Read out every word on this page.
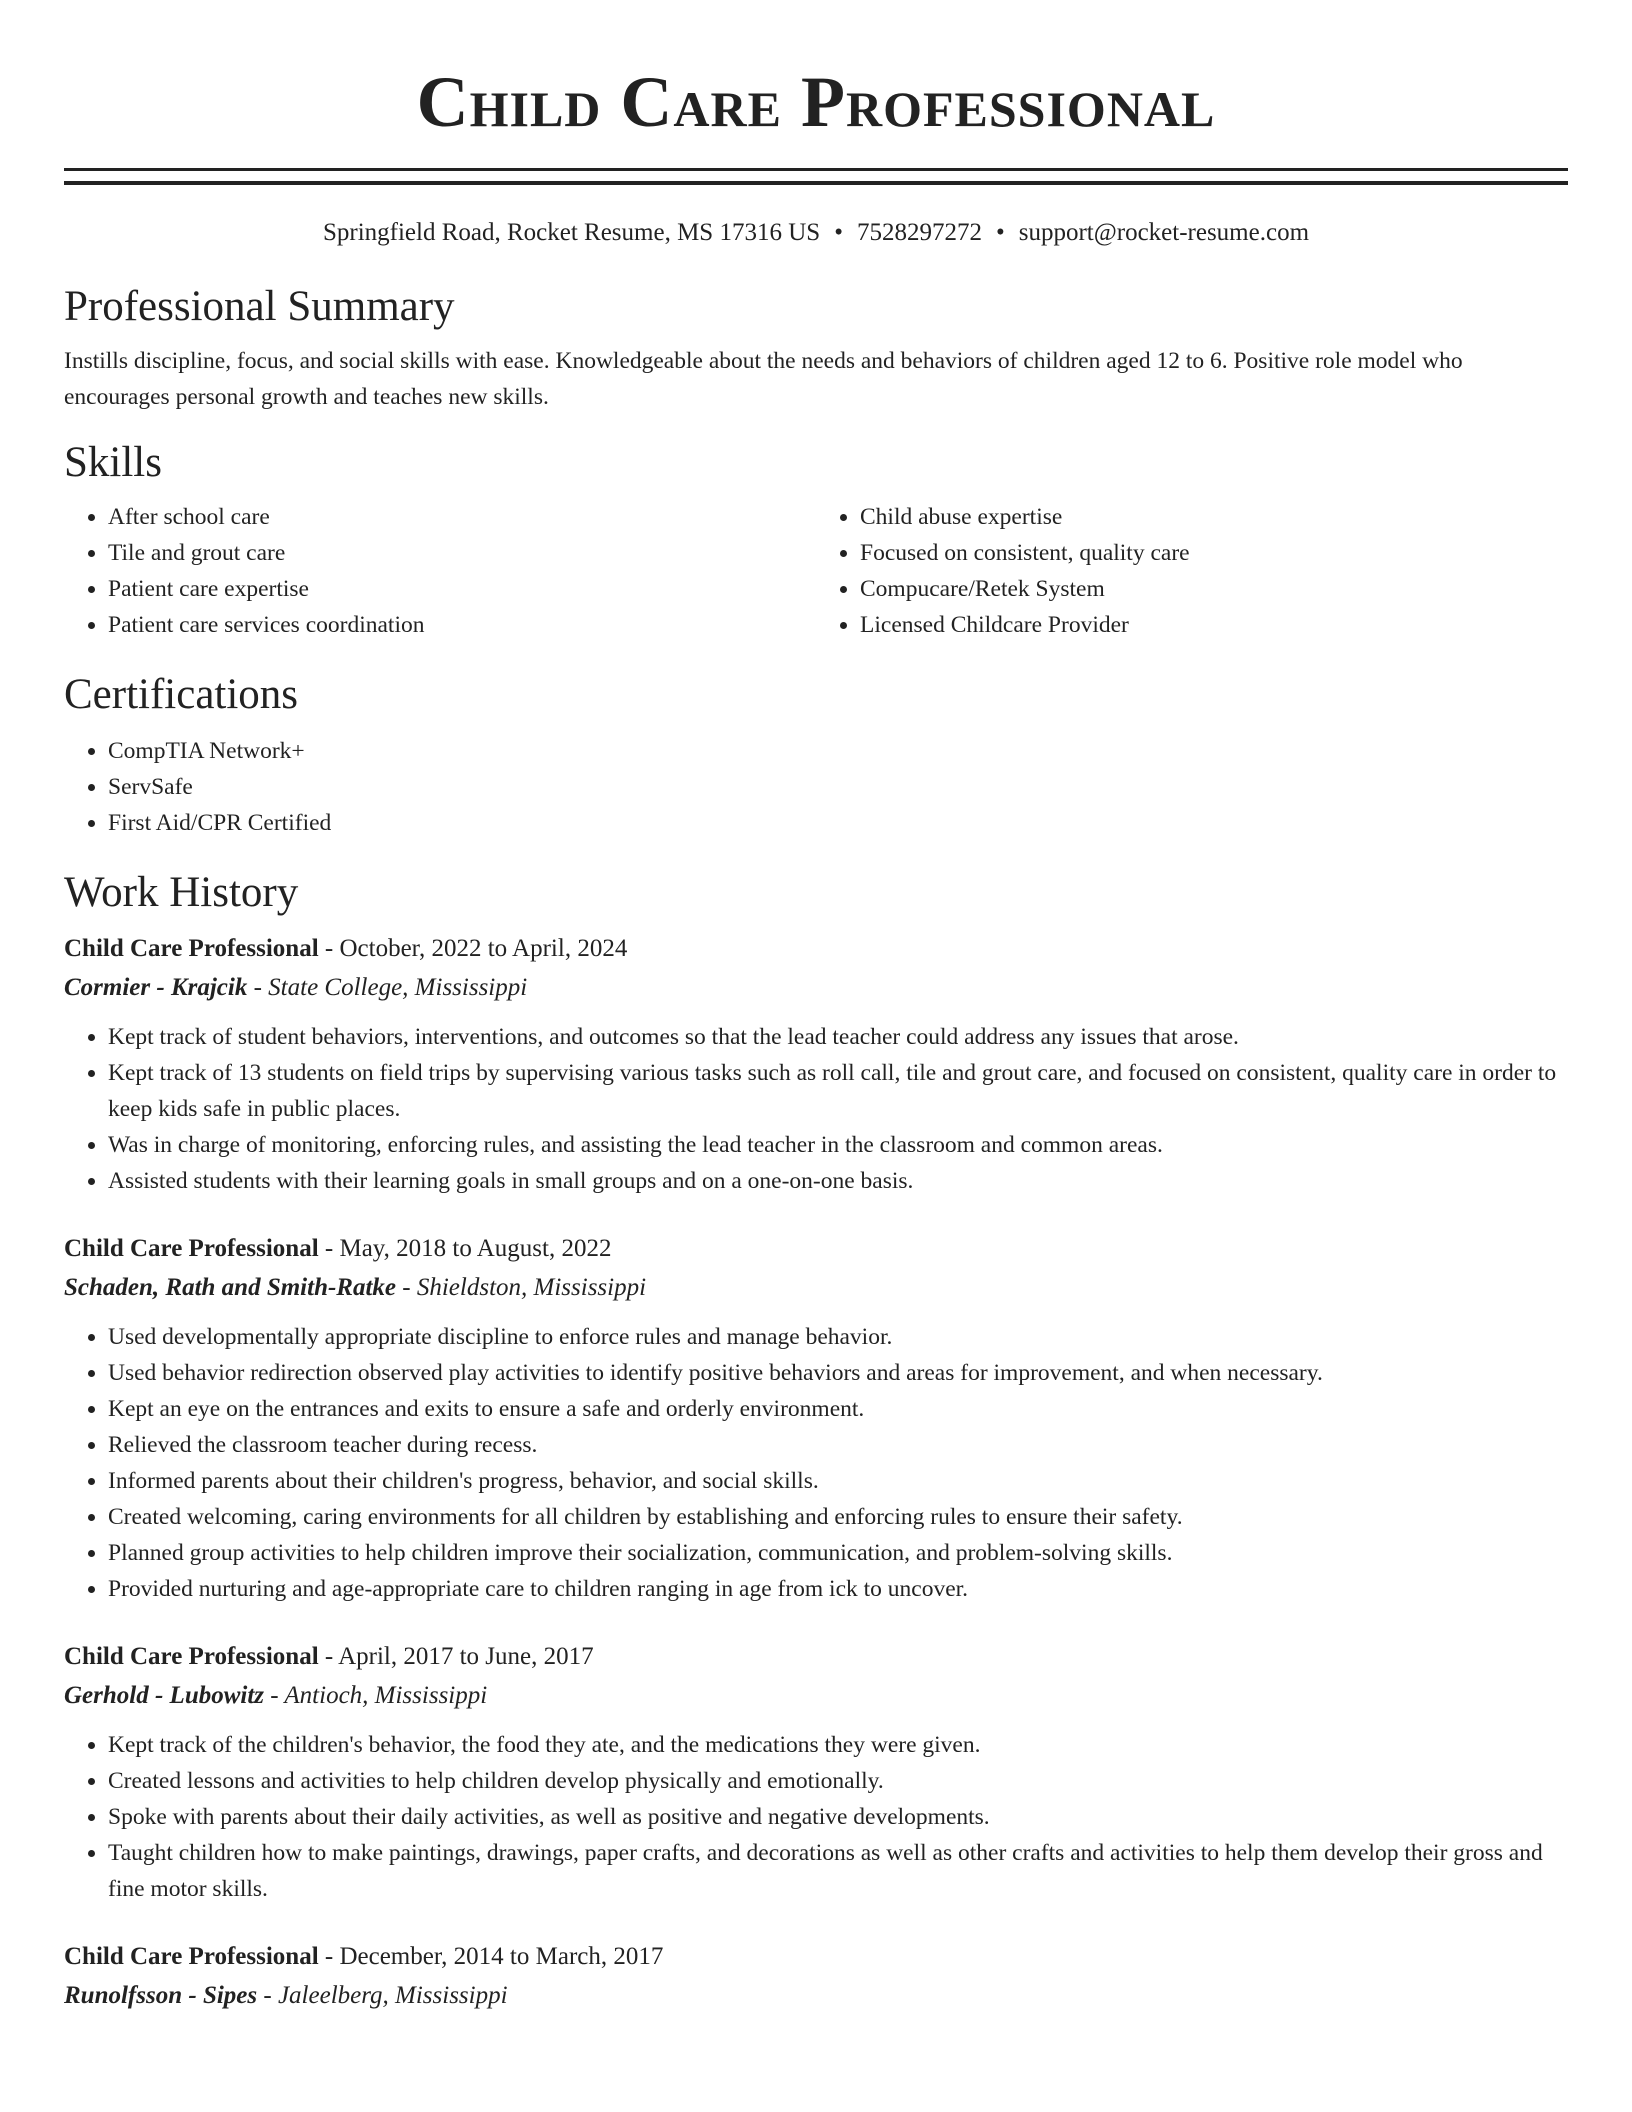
Child Care Professional
Springfield Road, Rocket Resume, MS 17316 US • 7528297272 • support@rocket-resume.com
Professional Summary

Instills discipline, focus, and social skills with ease. Knowledgeable about the needs and behaviors of children aged 12 to 6. Positive role model who encourages personal growth and teaches new skills.

Skills
• After school care
• Tile and grout care
• Patient care expertise
• Patient care services coordination
• Child abuse expertise
• Focused on consistent, quality care
• Compucare/Retek System
• Licensed Childcare Provider
Certifications
• CompTIA Network+
• ServSafe
• First Aid/CPR Certified
Work History
Child Care Professional - October, 2022 to April, 2024
Cormier - Krajcik - State College, Mississippi
• Kept track of student behaviors, interventions, and outcomes so that the lead teacher could address any issues that arose.
• Kept track of 13 students on field trips by supervising various tasks such as roll call, tile and grout care, and focused on consistent, quality care in order to keep kids safe in public places.
• Was in charge of monitoring, enforcing rules, and assisting the lead teacher in the classroom and common areas.
• Assisted students with their learning goals in small groups and on a one-on-one basis.
Child Care Professional - May, 2018 to August, 2022
Schaden, Rath and Smith-Ratke - Shieldston, Mississippi
• Used developmentally appropriate discipline to enforce rules and manage behavior.
• Used behavior redirection observed play activities to identify positive behaviors and areas for improvement, and when necessary.
• Kept an eye on the entrances and exits to ensure a safe and orderly environment.
• Relieved the classroom teacher during recess.
• Informed parents about their children's progress, behavior, and social skills.
• Created welcoming, caring environments for all children by establishing and enforcing rules to ensure their safety.
• Planned group activities to help children improve their socialization, communication, and problem-solving skills.
• Provided nurturing and age-appropriate care to children ranging in age from ick to uncover.
Child Care Professional - April, 2017 to June, 2017
Gerhold - Lubowitz - Antioch, Mississippi
• Kept track of the children's behavior, the food they ate, and the medications they were given.
• Created lessons and activities to help children develop physically and emotionally.
• Spoke with parents about their daily activities, as well as positive and negative developments.
• Taught children how to make paintings, drawings, paper crafts, and decorations as well as other crafts and activities to help them develop their gross and fine motor skills.
Child Care Professional - December, 2014 to March, 2017
Runolfsson - Sipes - Jaleelberg, Mississippi
